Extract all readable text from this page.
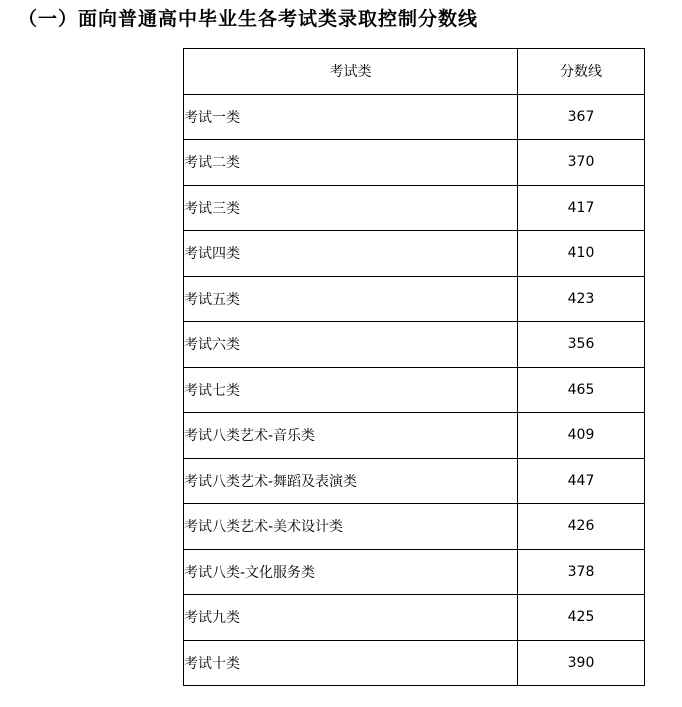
（一）面向普通高中毕业生各考试类录取控制分数线
考试类	分数线
考试一类	367
考试二类	370
考试三类	417
考试四类	410
考试五类	423
考试六类	356
考试七类	465
考试八类艺术-音乐类	409
考试八类艺术-舞蹈及表演类	447
考试八类艺术-美术设计类	426
考试八类-文化服务类	378
考试九类	425
考试十类	390
